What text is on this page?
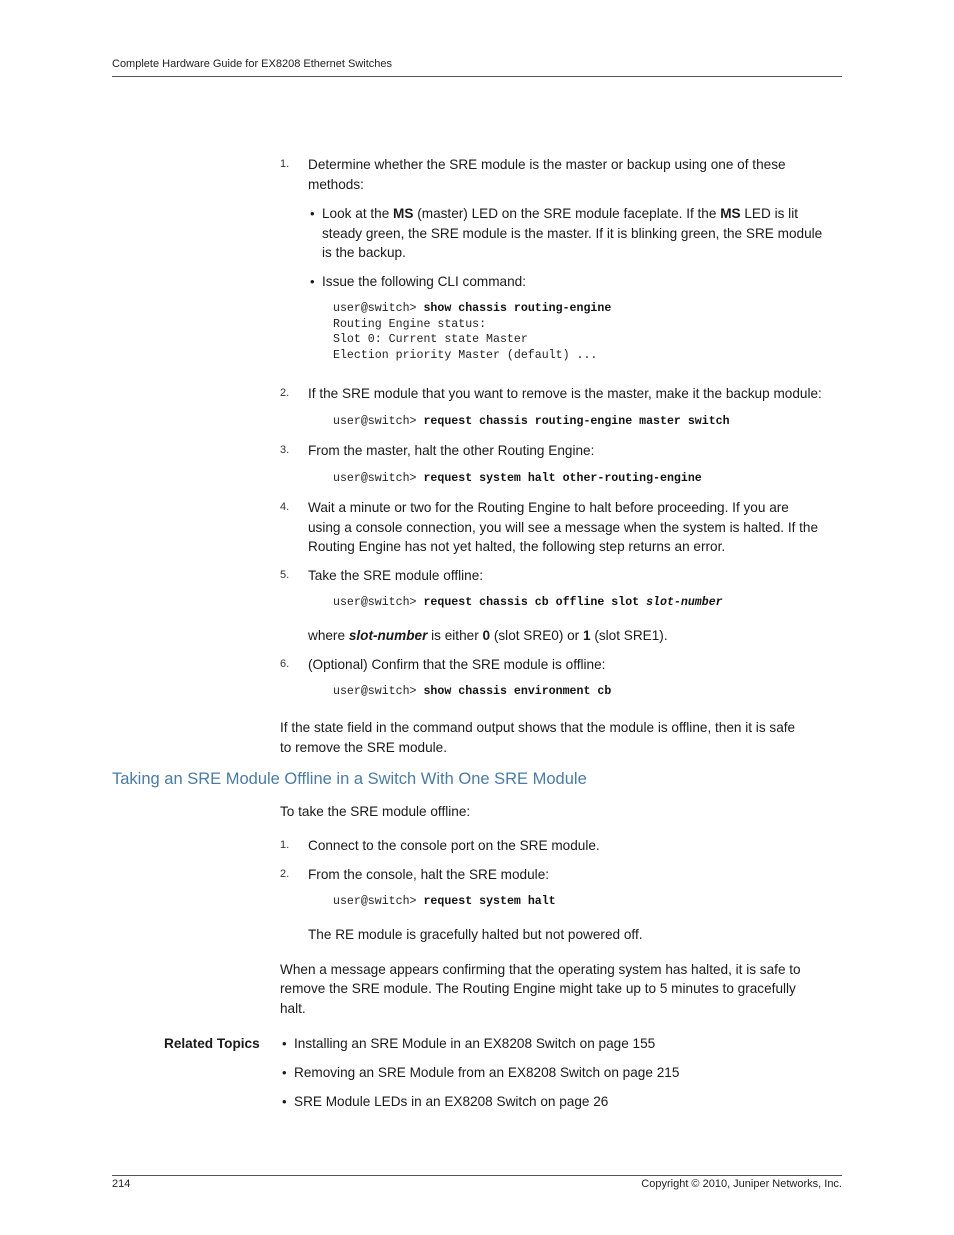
Complete Hardware Guide for EX8208 Ethernet Switches
1. Determine whether the SRE module is the master or backup using one of these
methods:
• Look at the MS (master) LED on the SRE module faceplate. If the MS LED is lit
steady green, the SRE module is the master. If it is blinking green, the SRE module
is the backup.
• Issue the following CLI command:
user@switch> show chassis routing-engine
Routing Engine status:
Slot 0: Current state Master
Election priority Master (default) ...
2. If the SRE module that you want to remove is the master, make it the backup module:
user@switch> request chassis routing-engine master switch
3. From the master, halt the other Routing Engine:
user@switch> request system halt other-routing-engine
4. Wait a minute or two for the Routing Engine to halt before proceeding. If you are
using a console connection, you will see a message when the system is halted. If the
Routing Engine has not yet halted, the following step returns an error.
5. Take the SRE module offline:
user@switch> request chassis cb offline slot slot-number
where slot-number is either 0 (slot SRE0) or 1 (slot SRE1).
6. (Optional) Confirm that the SRE module is offline:
user@switch> show chassis environment cb
If the state field in the command output shows that the module is offline, then it is safe
to remove the SRE module.
Taking an SRE Module Offline in a Switch With One SRE Module
To take the SRE module offline:
1. Connect to the console port on the SRE module.
2. From the console, halt the SRE module:
user@switch> request system halt
The RE module is gracefully halted but not powered off.
When a message appears confirming that the operating system has halted, it is safe to
remove the SRE module. The Routing Engine might take up to 5 minutes to gracefully
halt.
Related Topics • Installing an SRE Module in an EX8208 Switch on page 155
• Removing an SRE Module from an EX8208 Switch on page 215
• SRE Module LEDs in an EX8208 Switch on page 26
214	Copyright © 2010, Juniper Networks, Inc.
